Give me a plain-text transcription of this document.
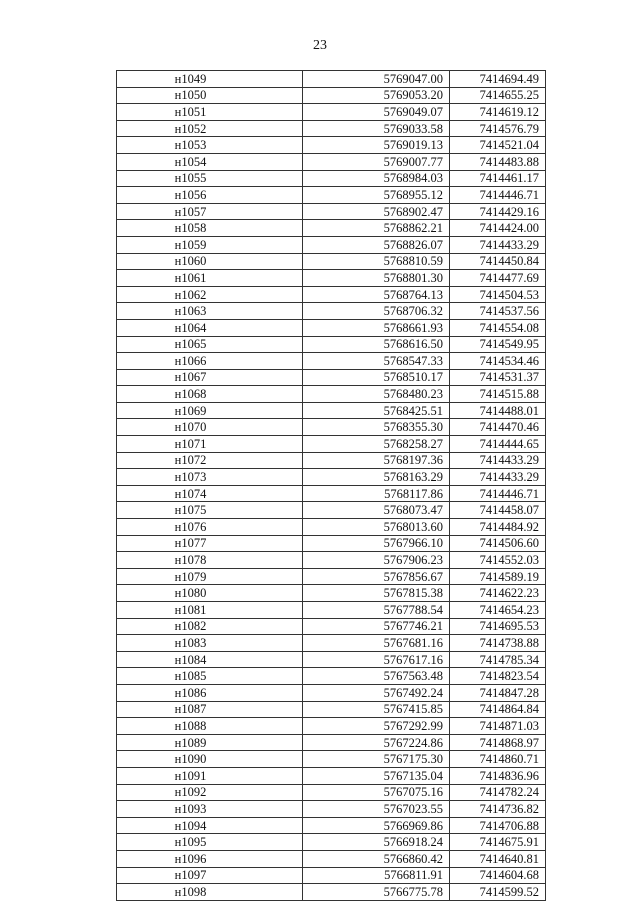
23
н1049	5769047.00	7414694.49
н1050	5769053.20	7414655.25
н1051	5769049.07	7414619.12
н1052	5769033.58	7414576.79
н1053	5769019.13	7414521.04
н1054	5769007.77	7414483.88
н1055	5768984.03	7414461.17
н1056	5768955.12	7414446.71
н1057	5768902.47	7414429.16
н1058	5768862.21	7414424.00
н1059	5768826.07	7414433.29
н1060	5768810.59	7414450.84
н1061	5768801.30	7414477.69
н1062	5768764.13	7414504.53
н1063	5768706.32	7414537.56
н1064	5768661.93	7414554.08
н1065	5768616.50	7414549.95
н1066	5768547.33	7414534.46
н1067	5768510.17	7414531.37
н1068	5768480.23	7414515.88
н1069	5768425.51	7414488.01
н1070	5768355.30	7414470.46
н1071	5768258.27	7414444.65
н1072	5768197.36	7414433.29
н1073	5768163.29	7414433.29
н1074	5768117.86	7414446.71
н1075	5768073.47	7414458.07
н1076	5768013.60	7414484.92
н1077	5767966.10	7414506.60
н1078	5767906.23	7414552.03
н1079	5767856.67	7414589.19
н1080	5767815.38	7414622.23
н1081	5767788.54	7414654.23
н1082	5767746.21	7414695.53
н1083	5767681.16	7414738.88
н1084	5767617.16	7414785.34
н1085	5767563.48	7414823.54
н1086	5767492.24	7414847.28
н1087	5767415.85	7414864.84
н1088	5767292.99	7414871.03
н1089	5767224.86	7414868.97
н1090	5767175.30	7414860.71
н1091	5767135.04	7414836.96
н1092	5767075.16	7414782.24
н1093	5767023.55	7414736.82
н1094	5766969.86	7414706.88
н1095	5766918.24	7414675.91
н1096	5766860.42	7414640.81
н1097	5766811.91	7414604.68
н1098	5766775.78	7414599.52
